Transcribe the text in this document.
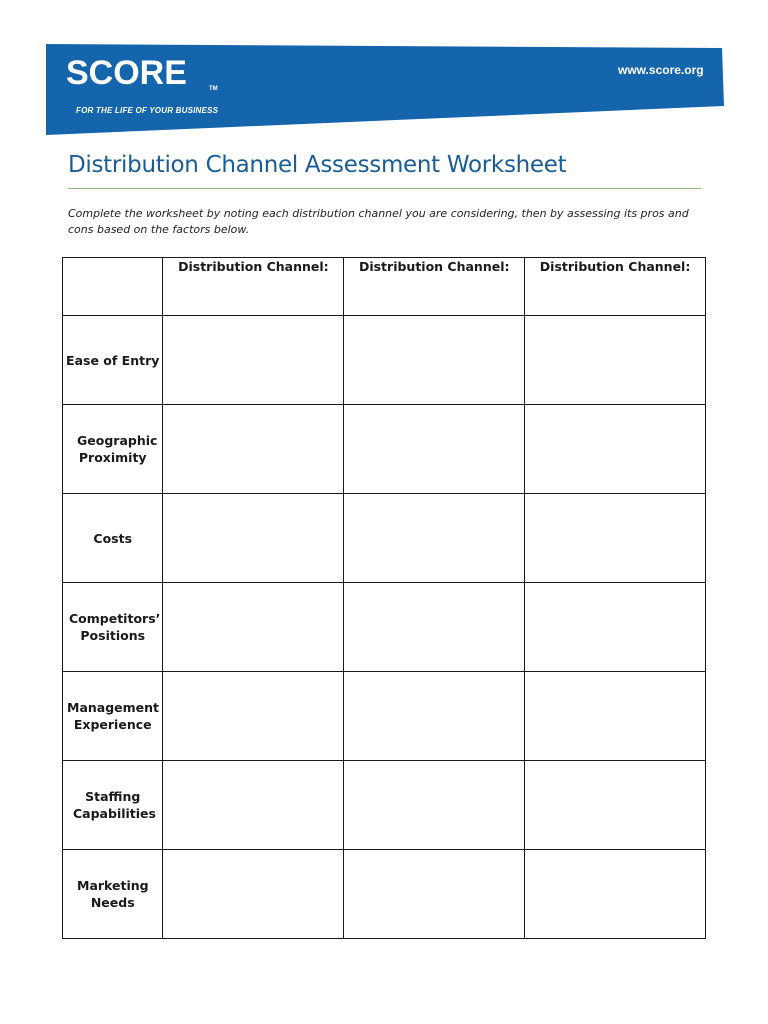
SCORE	TM
FOR THE LIFE OF YOUR BUSINESS
www.score.org
Distribution Channel Assessment Worksheet
Complete the worksheet by noting each distribution channel you are considering, then by assessing its pros and cons based on the factors below.
	Distribution Channel:	Distribution Channel:	Distribution Channel:
Ease of Entry			
Geographic Proximity			
Costs			
Competitors’ Positions			
Management Experience			
Staffing Capabilities			
Marketing Needs			
